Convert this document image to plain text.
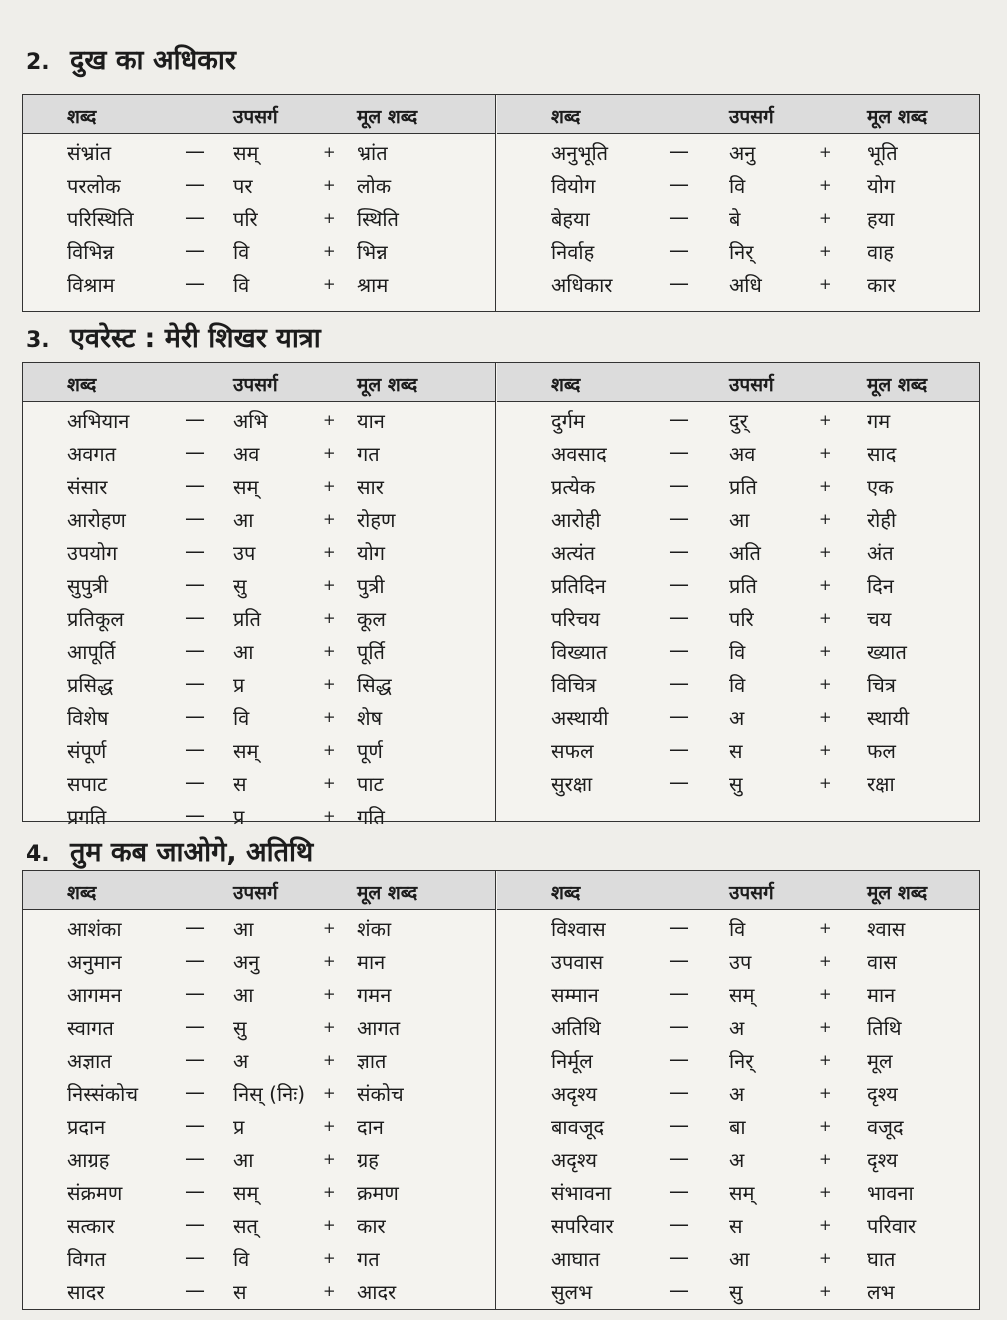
2. दुख का अधिकार
शब्द	उपसर्ग	मूल शब्द
संभ्रांत	— सम्	+ भ्रांत
परलोक	— पर	+ लोक
परिस्थिति	— परि	+ स्थिति
विभिन्न	— वि	+ भिन्न
विश्राम	— वि	+ श्राम
शब्द	उपसर्ग	मूल शब्द
अनुभूति	— अनु	+ भूति
वियोग	— वि	+ योग
बेहया	— बे	+ हया
निर्वाह	— निर्	+ वाह
अधिकार	— अधि	+ कार
3. एवरेस्ट : मेरी शिखर यात्रा
शब्द	उपसर्ग	मूल शब्द
अभियान	— अभि	+ यान
अवगत	— अव	+ गत
संसार	— सम्	+ सार
आरोहण	— आ	+ रोहण
उपयोग	— उप	+ योग
सुपुत्री	— सु	+ पुत्री
प्रतिकूल	— प्रति	+ कूल
आपूर्ति	— आ	+ पूर्ति
प्रसिद्ध	— प्र	+ सिद्ध
विशेष	— वि	+ शेष
संपूर्ण	— सम्	+ पूर्ण
सपाट	— स	+ पाट
प्रगति	— प्र	+ गति
शब्द	उपसर्ग	मूल शब्द
दुर्गम	— दुर्	+ गम
अवसाद	— अव	+ साद
प्रत्येक	— प्रति	+ एक
आरोही	— आ	+ रोही
अत्यंत	— अति	+ अंत
प्रतिदिन	— प्रति	+ दिन
परिचय	— परि	+ चय
विख्यात	— वि	+ ख्यात
विचित्र	— वि	+ चित्र
अस्थायी	— अ	+ स्थायी
सफल	— स	+ फल
सुरक्षा	— सु	+ रक्षा
4. तुम कब जाओगे, अतिथि
शब्द	उपसर्ग	मूल शब्द
आशंका	— आ	+ शंका
अनुमान	— अनु	+ मान
आगमन	— आ	+ गमन
स्वागत	— सु	+ आगत
अज्ञात	— अ	+ ज्ञात
निस्संकोच — निस् (निः) + संकोच
प्रदान	— प्र	+ दान
आग्रह	— आ	+ ग्रह
संक्रमण	— सम्	+ क्रमण
सत्कार	— सत्	+ कार
विगत	— वि	+ गत
सादर	— स	+ आदर
शब्द	उपसर्ग	मूल शब्द
विश्वास	— वि	+ श्वास
उपवास	— उप	+ वास
सम्मान	— सम्	+ मान
अतिथि	— अ	+ तिथि
निर्मूल	— निर्	+ मूल
अदृश्य	— अ	+ दृश्य
बावजूद	— बा	+ वजूद
अदृश्य	— अ	+ दृश्य
संभावना	— सम्	+ भावना
सपरिवार	— स	+ परिवार
आघात	— आ	+ घात
सुलभ	— सु	+ लभ
